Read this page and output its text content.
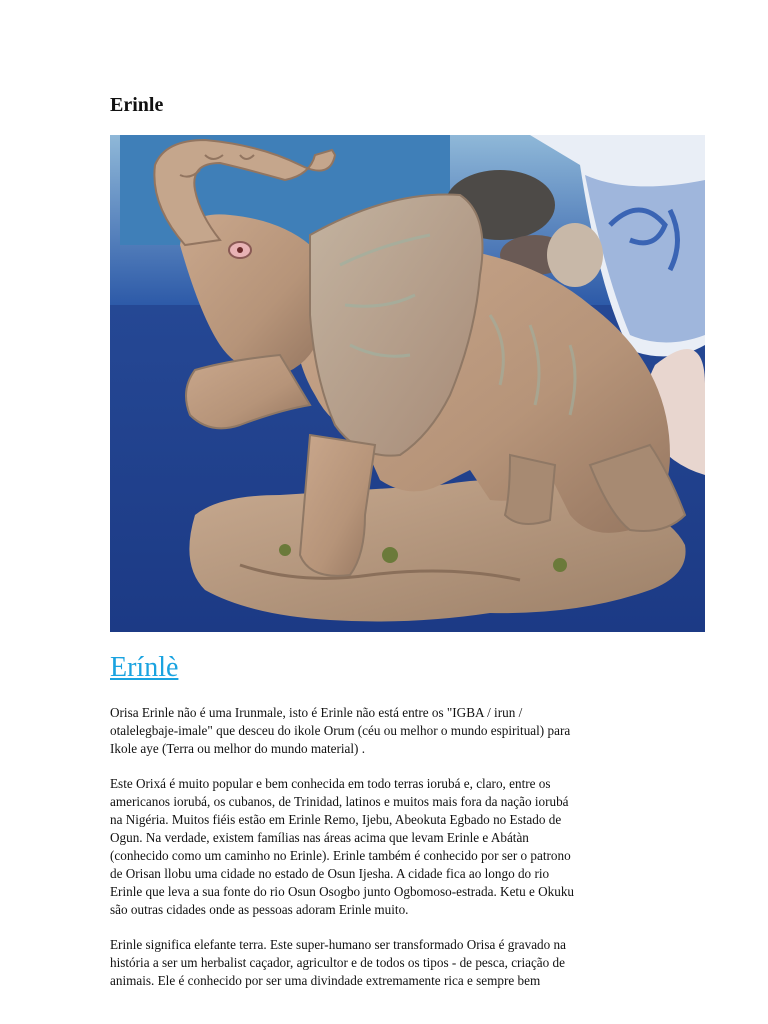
Erinle
Erínlè

Orisa Erinle não é uma Irunmale, isto é Erinle não está entre os "IGBA / irun /
otalelegbaje-imale" que desceu do ikole Orum (céu ou melhor o mundo espiritual) para
Ikole aye (Terra ou melhor do mundo material) .

Este Orixá é muito popular e bem conhecida em todo terras iorubá e, claro, entre os
americanos iorubá, os cubanos, de Trinidad, latinos e muitos mais fora da nação iorubá
na Nigéria. Muitos fiéis estão em Erinle Remo, Ijebu, Abeokuta Egbado no Estado de
Ogun. Na verdade, existem famílias nas áreas acima que levam Erinle e Abátàn
(conhecido como um caminho no Erinle). Erinle também é conhecido por ser o patrono
de Orisan llobu uma cidade no estado de Osun Ijesha. A cidade fica ao longo do rio
Erinle que leva a sua fonte do rio Osun Osogbo junto Ogbomoso-estrada. Ketu e Okuku
são outras cidades onde as pessoas adoram Erinle muito.

Erinle significa elefante terra. Este super-humano ser transformado Orisa é gravado na
história a ser um herbalist caçador, agricultor e de todos os tipos - de pesca, criação de
animais. Ele é conhecido por ser uma divindade extremamente rica e sempre bem
